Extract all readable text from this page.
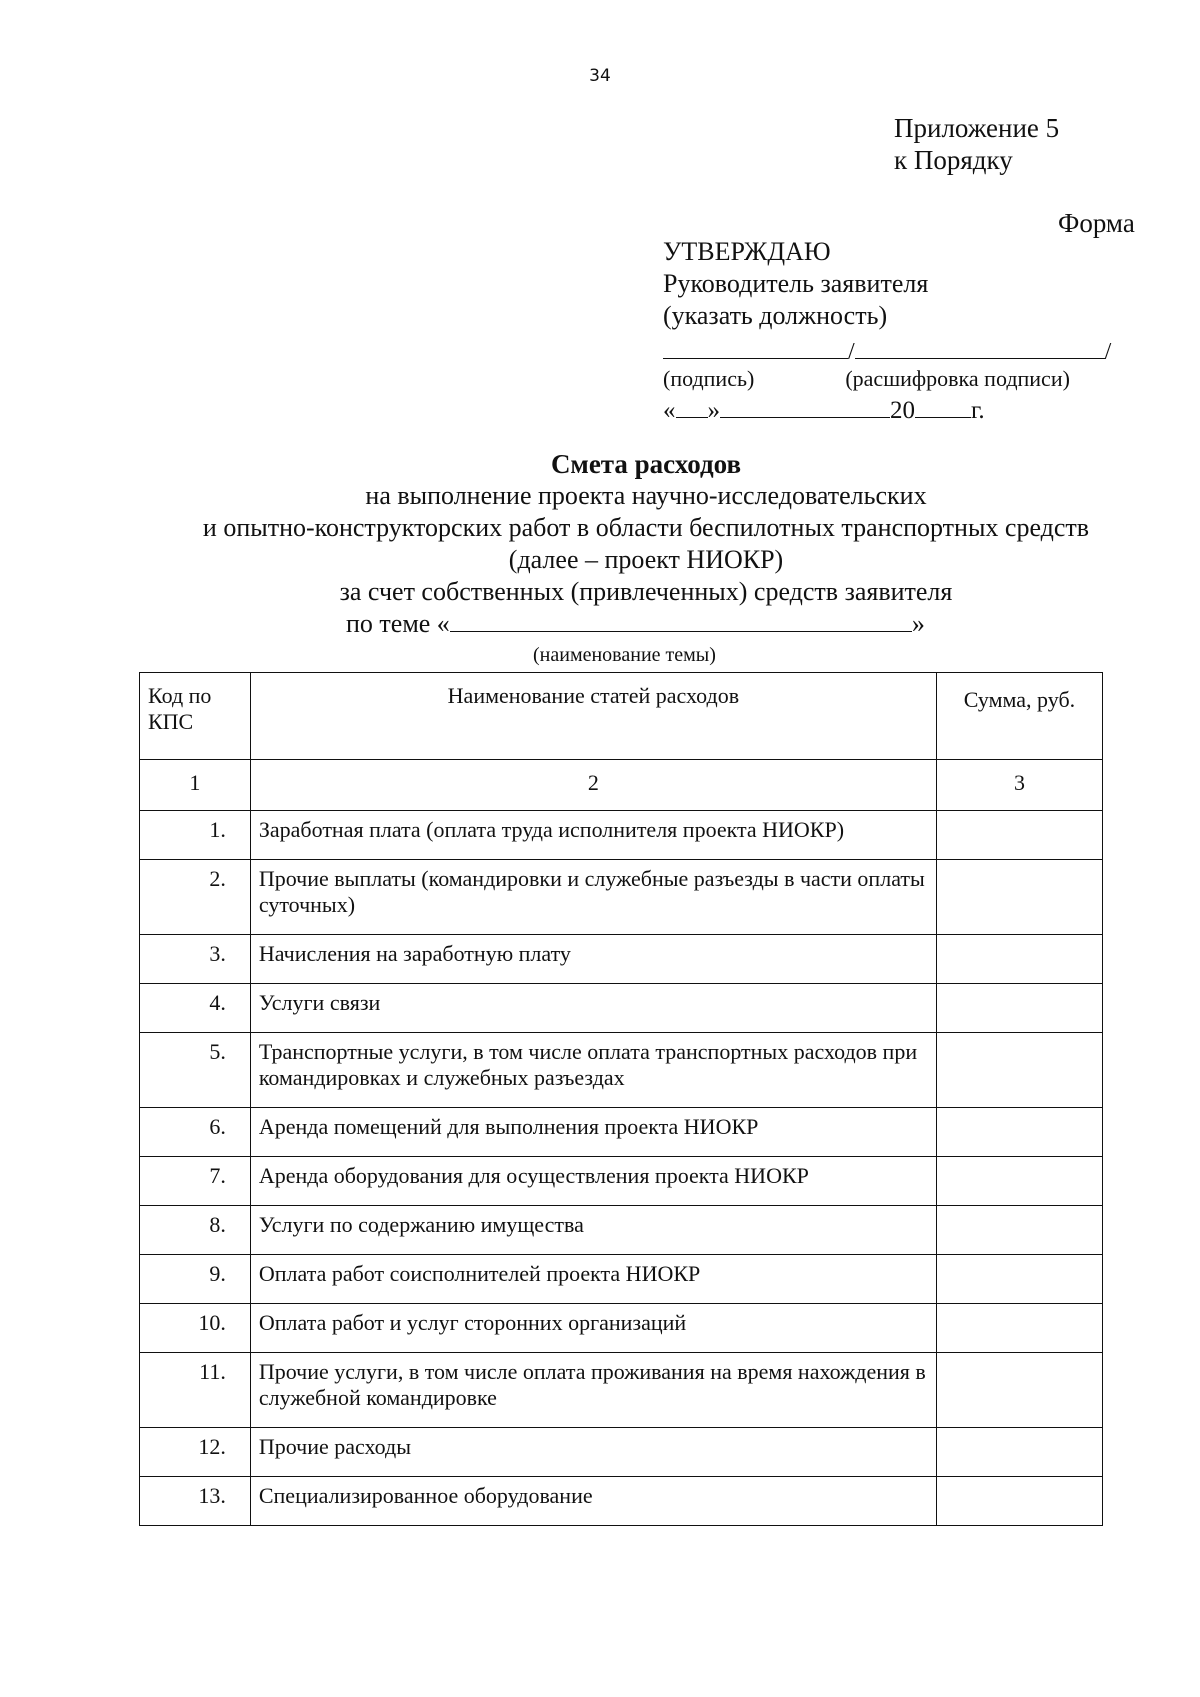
34
Приложение 5
к Порядку
Форма
УТВЕРЖДАЮ
Руководитель заявителя
(указать должность)
/	/
(подпись)	(расшифровка подписи)
« »	20 г.
Смета расходов
на выполнение проекта научно-исследовательских
и опытно-конструкторских работ в области беспилотных транспортных средств
(далее – проект НИОКР)
за счет собственных (привлеченных) средств заявителя
по теме «	»
(наименование темы)
Код по
КПС	Наименование статей расходов	Сумма, руб.
1	2	3
1.	Заработная плата (оплата труда исполнителя проекта НИОКР)	
2.	Прочие выплаты (командировки и служебные разъезды в части оплаты суточных)	
3.	Начисления на заработную плату	
4.	Услуги связи	
5.	Транспортные услуги, в том числе оплата транспортных расходов при командировках и служебных разъездах	
6.	Аренда помещений для выполнения проекта НИОКР	
7.	Аренда оборудования для осуществления проекта НИОКР	
8.	Услуги по содержанию имущества	
9.	Оплата работ соисполнителей проекта НИОКР	
10.	Оплата работ и услуг сторонних организаций	
11.	Прочие услуги, в том числе оплата проживания на время нахождения в служебной командировке	
12.	Прочие расходы	
13.	Специализированное оборудование	
